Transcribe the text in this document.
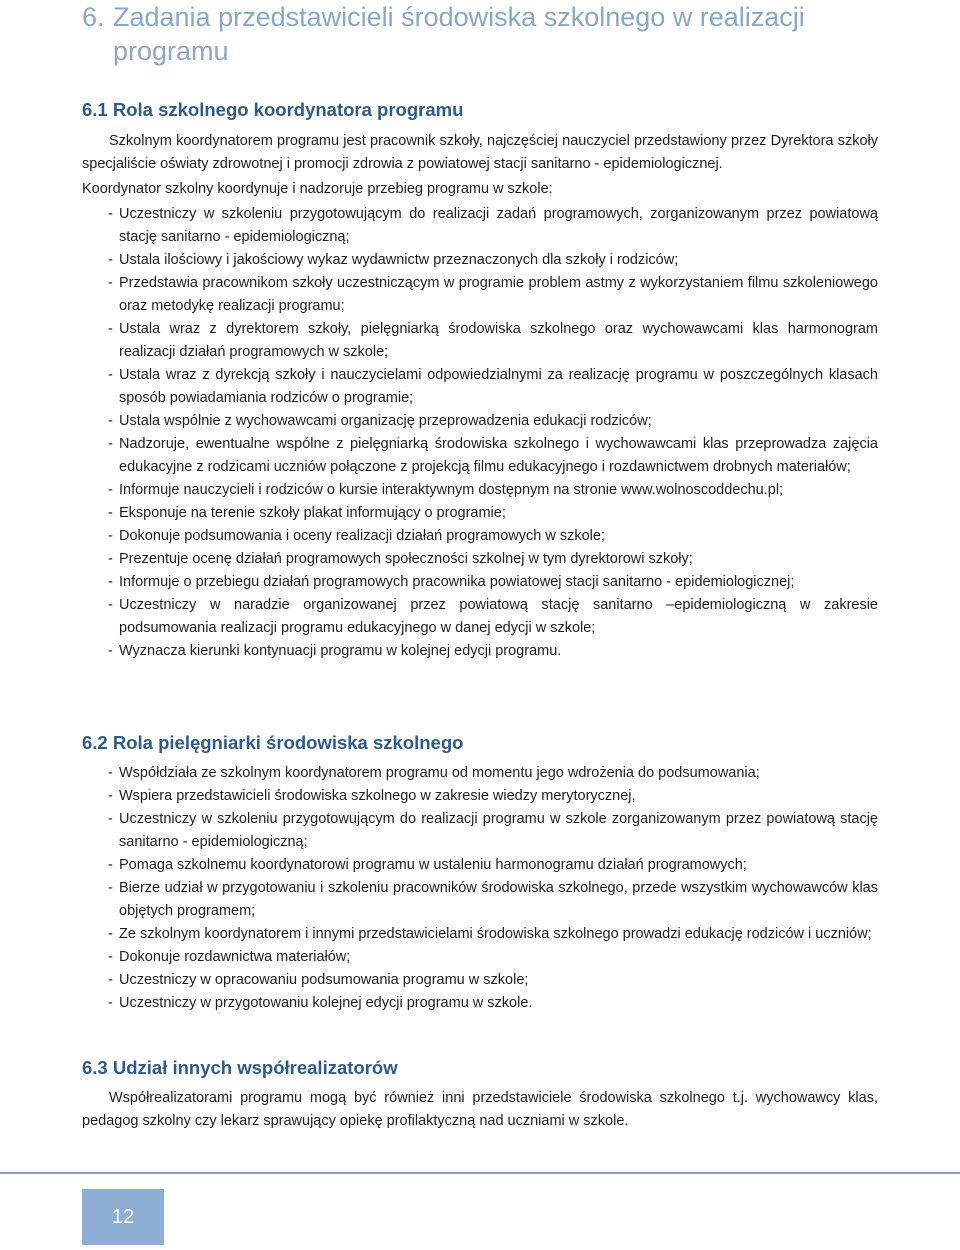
6. Zadania przedstawicieli środowiska szkolnego w realizacji programu
6.1 Rola szkolnego koordynatora programu

Szkolnym koordynatorem programu jest pracownik szkoły, najczęściej nauczyciel przedstawiony przez Dyrektora szkoły specjaliście oświaty zdrowotnej i promocji zdrowia z powiatowej stacji sanitarno - epidemiologicznej.

Koordynator szkolny koordynuje i nadzoruje przebieg programu w szkole:

- Uczestniczy w szkoleniu przygotowującym do realizacji zadań programowych, zorganizowanym przez powiatową stację sanitarno - epidemiologiczną;
- Ustala ilościowy i jakościowy wykaz wydawnictw przeznaczonych dla szkoły i rodziców;
- Przedstawia pracownikom szkoły uczestniczącym w programie problem astmy z wykorzystaniem filmu szkoleniowego oraz metodykę realizacji programu;
- Ustala wraz z dyrektorem szkoły, pielęgniarką środowiska szkolnego oraz wychowawcami klas harmonogram realizacji działań programowych w szkole;
- Ustala wraz z dyrekcją szkoły i nauczycielami odpowiedzialnymi za realizację programu w poszczególnych klasach sposób powiadamiania rodziców o programie;
- Ustala wspólnie z wychowawcami organizację przeprowadzenia edukacji rodziców;
- Nadzoruje, ewentualne wspólne z pielęgniarką środowiska szkolnego i wychowawcami klas przeprowadza zajęcia edukacyjne z rodzicami uczniów połączone z projekcją filmu edukacyjnego i rozdawnictwem drobnych materiałów;
- Informuje nauczycieli i rodziców o kursie interaktywnym dostępnym na stronie www.wolnoscoddechu.pl;
- Eksponuje na terenie szkoły plakat informujący o programie;
- Dokonuje podsumowania i oceny realizacji działań programowych w szkole;
- Prezentuje ocenę działań programowych społeczności szkolnej w tym dyrektorowi szkoły;
- Informuje o przebiegu działań programowych pracownika powiatowej stacji sanitarno - epidemiologicznej;
- Uczestniczy w naradzie organizowanej przez powiatową stację sanitarno –epidemiologiczną w zakresie podsumowania realizacji programu edukacyjnego w danej edycji w szkole;
- Wyznacza kierunki kontynuacji programu w kolejnej edycji programu.
6.2 Rola pielęgniarki środowiska szkolnego
- Współdziała ze szkolnym koordynatorem programu od momentu jego wdrożenia do podsumowania;
- Wspiera przedstawicieli środowiska szkolnego w zakresie wiedzy merytorycznej,
- Uczestniczy w szkoleniu przygotowującym do realizacji programu w szkole zorganizowanym przez powiatową stację sanitarno - epidemiologiczną;
- Pomaga szkolnemu koordynatorowi programu w ustaleniu harmonogramu działań programowych;
- Bierze udział w przygotowaniu i szkoleniu pracowników środowiska szkolnego, przede wszystkim wychowawców klas objętych programem;
- Ze szkolnym koordynatorem i innymi przedstawicielami środowiska szkolnego prowadzi edukację rodziców i uczniów;
- Dokonuje rozdawnictwa materiałów;
- Uczestniczy w opracowaniu podsumowania programu w szkole;
- Uczestniczy w przygotowaniu kolejnej edycji programu w szkole.
6.3 Udział innych współrealizatorów

Współrealizatorami programu mogą być również inni przedstawiciele środowiska szkolnego t.j. wychowawcy klas, pedagog szkolny czy lekarz sprawujący opiekę profilaktyczną nad uczniami w szkole.

12
